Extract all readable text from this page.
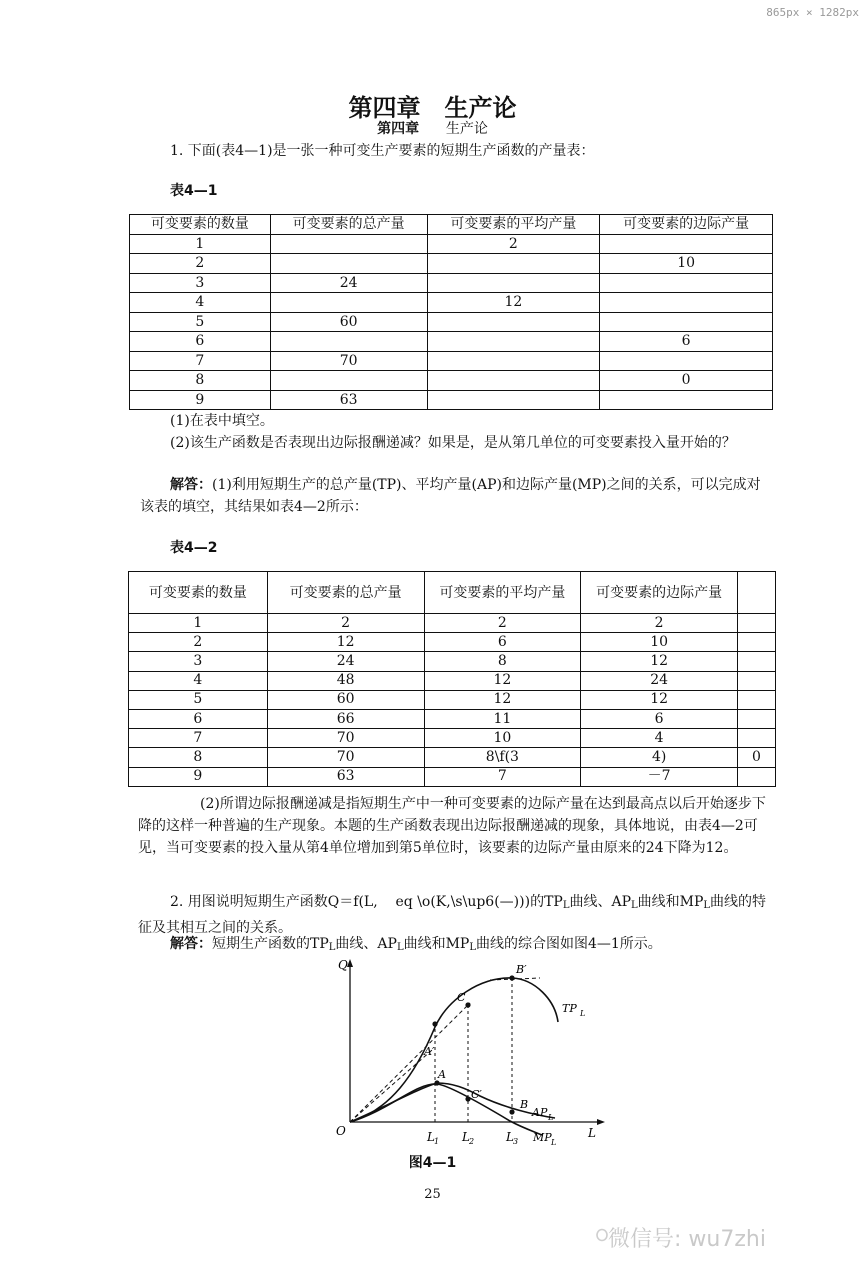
865px × 1282px
第四章　生产论
第四章 生产论
1. 下面(表4—1)是一张一种可变生产要素的短期生产函数的产量表：
表4—1
可变要素的数量	可变要素的总产量	可变要素的平均产量	可变要素的边际产量
1		2	
2			10
3	24		
4		12	
5	60		
6			6
7	70		
8			0
9	63		
(1)在表中填空。
(2)该生产函数是否表现出边际报酬递减？如果是，是从第几单位的可变要素投入量开始的？
解答：(1)利用短期生产的总产量(TP)、平均产量(AP)和边际产量(MP)之间的关系，可以完成对该表的填空，其结果如表4—2所示：
表4—2
可变要素的数量	可变要素的总产量	可变要素的平均产量	可变要素的边际产量	
1	2	2	2	
2	12	6	10	
3	24	8	12	
4	48	12	24	
5	60	12	12	
6	66	11	6	
7	70	10	4	
8	70	8\f(3	4)	0
9	63	7	－7	
(2)所谓边际报酬递减是指短期生产中一种可变要素的边际产量在达到最高点以后开始逐步下降的这样一种普遍的生产现象。本题的生产函数表现出边际报酬递减的现象，具体地说，由表4—2可见，当可变要素的投入量从第4单位增加到第5单位时，该要素的边际产量由原来的24下降为12。
2. 用图说明短期生产函数Q＝f(L, eq \o(K,\s\up6(—)))的$TP_L$曲线、$AP_L$曲线和$MP_L$曲线的特征及其相互之间的关系。
解答：短期生产函数的$TP_L$曲线、$AP_L$曲线和$MP_L$曲线的综合图如图4—1所示。
Q
O	L
L 1 L 2	L 3
A′
A
C
C′
B′
B
TP L
AP L
MP L
图4—1
25
微信号: wu7zhi
